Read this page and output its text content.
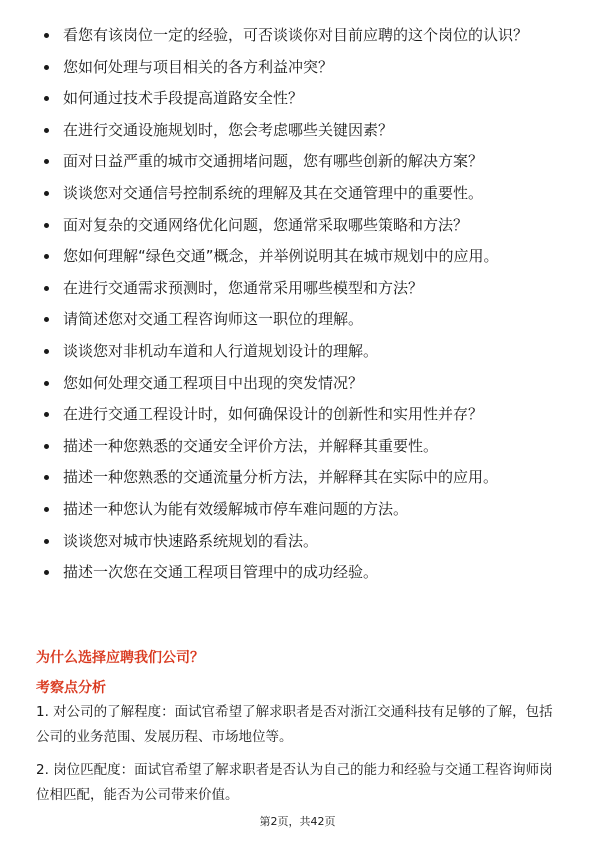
看您有该岗位一定的经验，可否谈谈你对目前应聘的这个岗位的认识？
您如何处理与项目相关的各方利益冲突？
如何通过技术手段提高道路安全性？
在进行交通设施规划时，您会考虑哪些关键因素？
面对日益严重的城市交通拥堵问题，您有哪些创新的解决方案？
谈谈您对交通信号控制系统的理解及其在交通管理中的重要性。
面对复杂的交通网络优化问题，您通常采取哪些策略和方法？
您如何理解“绿色交通”概念，并举例说明其在城市规划中的应用。
在进行交通需求预测时，您通常采用哪些模型和方法？
请简述您对交通工程咨询师这一职位的理解。
谈谈您对非机动车道和人行道规划设计的理解。
您如何处理交通工程项目中出现的突发情况？
在进行交通工程设计时，如何确保设计的创新性和实用性并存？
描述一种您熟悉的交通安全评价方法，并解释其重要性。
描述一种您熟悉的交通流量分析方法，并解释其在实际中的应用。
描述一种您认为能有效缓解城市停车难问题的方法。
谈谈您对城市快速路系统规划的看法。
描述一次您在交通工程项目管理中的成功经验。
为什么选择应聘我们公司？
考察点分析
1. 对公司的了解程度：面试官希望了解求职者是否对浙江交通科技有足够的了解，包括公司的业务范围、发展历程、市场地位等。
2. 岗位匹配度：面试官希望了解求职者是否认为自己的能力和经验与交通工程咨询师岗位相匹配，能否为公司带来价值。
第2页，共42页
